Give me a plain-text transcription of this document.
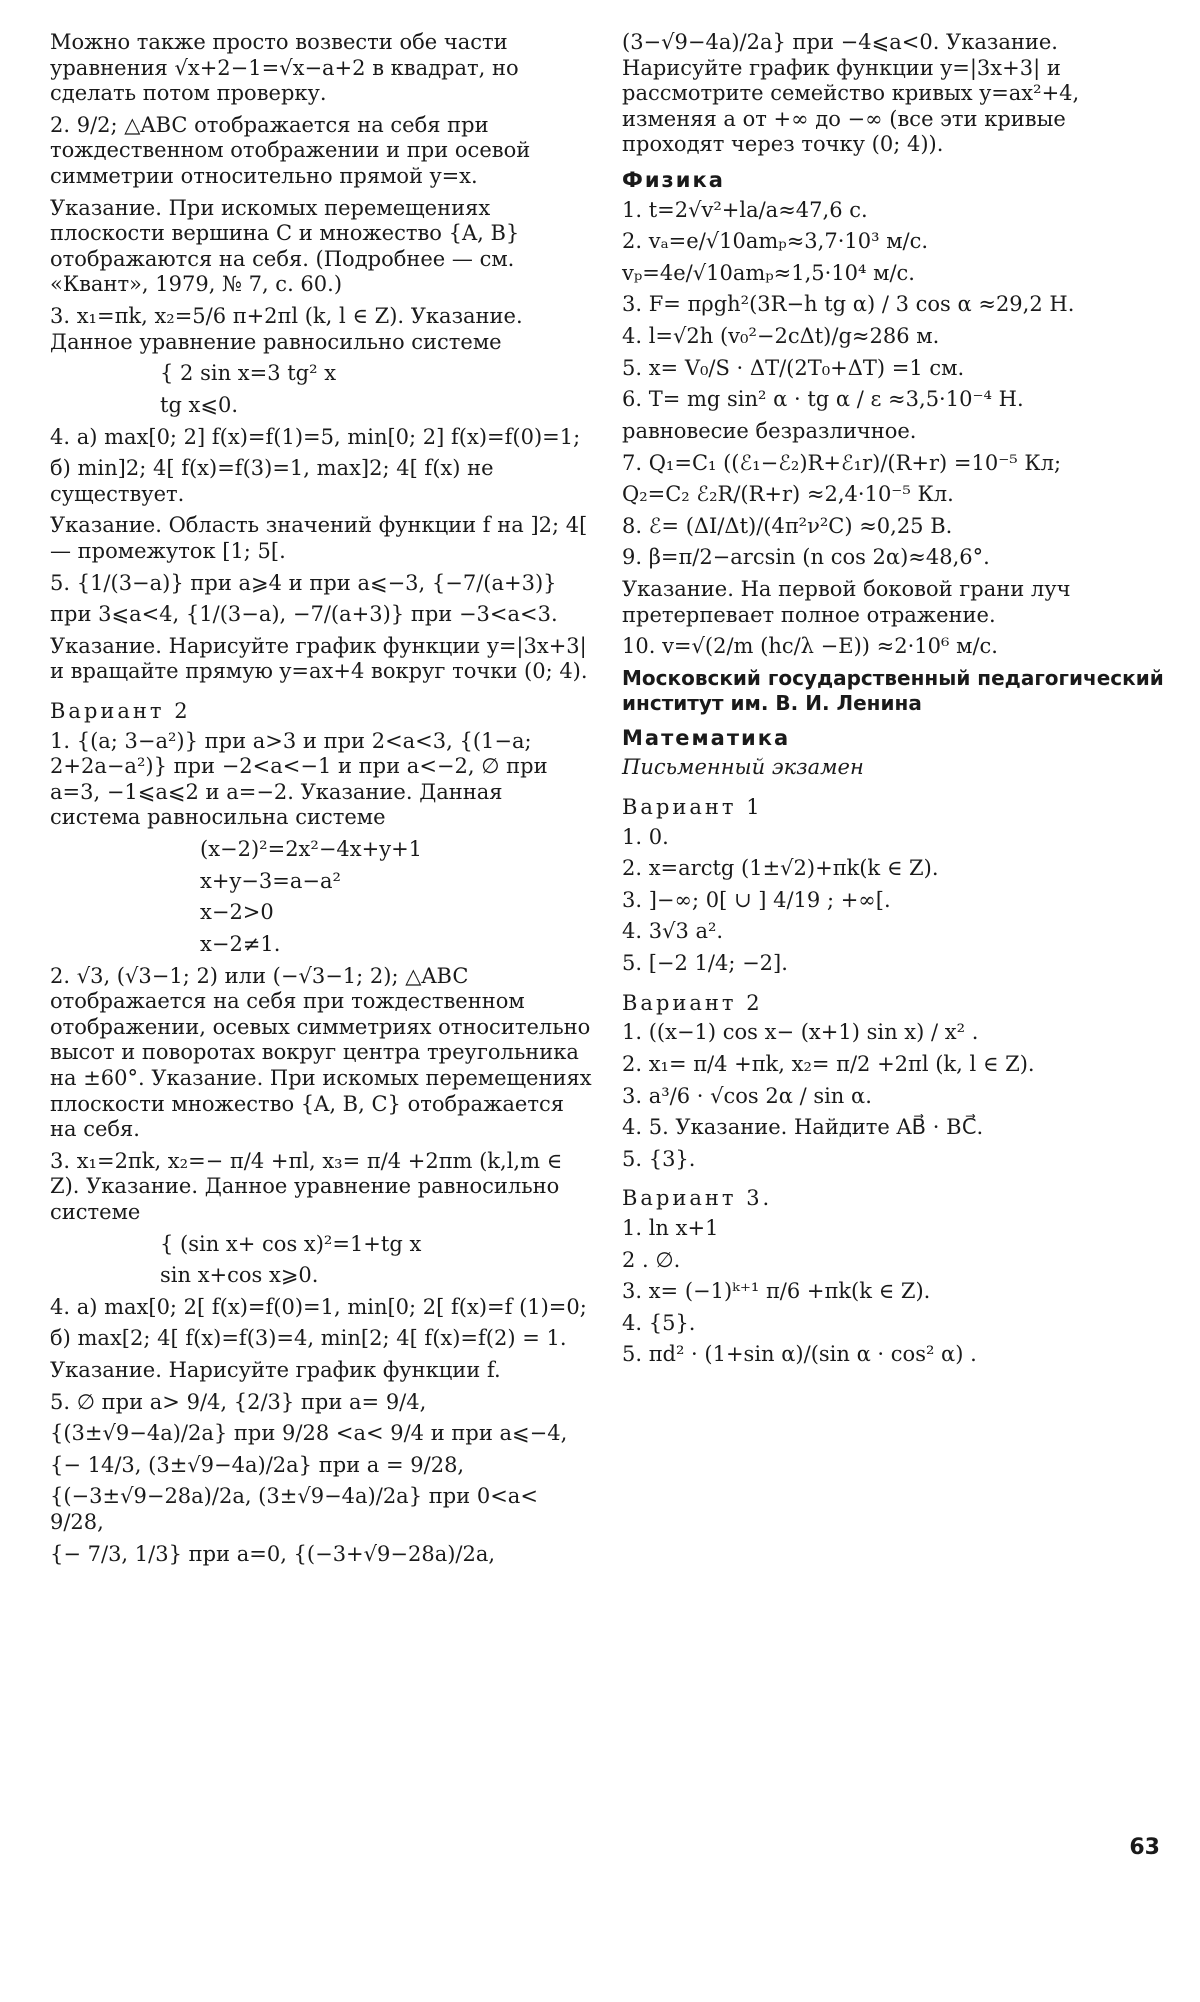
Можно также просто возвести обе части уравнения √x+2−1=√x−a+2 в квадрат, но сделать потом проверку.
2. 9/2; △ABC отображается на себя при тождественном отображении и при осевой симметрии относительно прямой y=x.
Указание. При искомых перемещениях плоскости вершина C и множество {A, B} отображаются на себя. (Подробнее — см. «Квант», 1979, № 7, с. 60.)
3. x₁=πk, x₂=5/6 π+2πl (k, l ∈ Z). Указание. Данное уравнение равносильно системе
{ 2 sin x=3 tg² x
tg x⩽0.
4. а) max[0; 2] f(x)=f(1)=5, min[0; 2] f(x)=f(0)=1;
б) min]2; 4[ f(x)=f(3)=1, max]2; 4[ f(x) не существует.
Указание. Область значений функции f на ]2; 4[ — промежуток [1; 5[.
5. {1/(3−a)} при a⩾4 и при a⩽−3, {−7/(a+3)}
при 3⩽a<4, {1/(3−a), −7/(a+3)} при −3<a<3.
Указание. Нарисуйте график функции y=|3x+3| и вращайте прямую y=ax+4 вокруг точки (0; 4).
Вариант 2
1. {(a; 3−a²)} при a>3 и при 2<a<3, {(1−a; 2+2a−a²)} при −2<a<−1 и при a<−2, ∅ при a=3, −1⩽a⩽2 и a=−2. Указание. Данная система равносильна системе
(x−2)²=2x²−4x+y+1
x+y−3=a−a²
x−2>0
x−2≠1.
2. √3, (√3−1; 2) или (−√3−1; 2); △ABC отображается на себя при тождественном отображении, осевых симметриях относительно высот и поворотах вокруг центра треугольника на ±60°. Указание. При искомых перемещениях плоскости множество {A, B, C} отображается на себя.
3. x₁=2πk, x₂=− π/4 +πl, x₃= π/4 +2πm (k,l,m ∈ Z). Указание. Данное уравнение равносильно системе
{ (sin x+ cos x)²=1+tg x
sin x+cos x⩾0.
4. а) max[0; 2[ f(x)=f(0)=1, min[0; 2[ f(x)=f (1)=0;
б) max[2; 4[ f(x)=f(3)=4, min[2; 4[ f(x)=f(2) = 1.
Указание. Нарисуйте график функции f.
5. ∅ при a> 9/4, {2/3} при a= 9/4,
{(3±√9−4a)/2a} при 9/28 <a< 9/4 и при a⩽−4,
{− 14/3, (3±√9−4a)/2a} при a = 9/28,
{(−3±√9−28a)/2a, (3±√9−4a)/2a} при 0<a< 9/28,
{− 7/3, 1/3} при a=0, {(−3+√9−28a)/2a,
(3−√9−4a)/2a} при −4⩽a<0. Указание. Нарисуйте график функции y=|3x+3| и рассмотрите семейство кривых y=ax²+4, изменяя a от +∞ до −∞ (все эти кривые проходят через точку (0; 4)).
Физика
1. t=2√v²+la/a≈47,6 с.
2. vₐ=e/√10amₚ≈3,7·10³ м/с.
vₚ=4e/√10amₚ≈1,5·10⁴ м/с.
3. F= πρgh²(3R−h tg α) / 3 cos α ≈29,2 Н.
4. l=√2h (v₀²−2cΔt)/g≈286 м.
5. x= V₀/S · ΔT/(2T₀+ΔT) =1 см.
6. T= mg sin² α · tg α / ε ≈3,5·10⁻⁴ Н.
равновесие безразличное.
7. Q₁=C₁ ((ℰ₁−ℰ₂)R+ℰ₁r)/(R+r) =10⁻⁵ Кл;
Q₂=C₂ ℰ₂R/(R+r) ≈2,4·10⁻⁵ Кл.
8. ℰ= (ΔI/Δt)/(4π²ν²C) ≈0,25 В.
9. β=π/2−arcsin (n cos 2α)≈48,6°.
Указание. На первой боковой грани луч претерпевает полное отражение.
10. v=√(2/m (hc/λ −E)) ≈2·10⁶ м/с.
Московский государственный педагогический институт им. В. И. Ленина
Математика
Письменный экзамен
Вариант 1
1. 0.
2. x=arctg (1±√2)+πk(k ∈ Z).
3. ]−∞; 0[ ∪ ] 4/19 ; +∞[.
4. 3√3 a².
5. [−2 1/4; −2].
Вариант 2
1. ((x−1) cos x− (x+1) sin x) / x² .
2. x₁= π/4 +πk, x₂= π/2 +2πl (k, l ∈ Z).
3. a³/6 · √cos 2α / sin α.
4. 5. Указание. Найдите AB⃗ · BC⃗.
5. {3}.
Вариант 3.
1. ln x+1
2 . ∅.
3. x= (−1)ᵏ⁺¹ π/6 +πk(k ∈ Z).
4. {5}.
5. πd² · (1+sin α)/(sin α · cos² α) .
63
